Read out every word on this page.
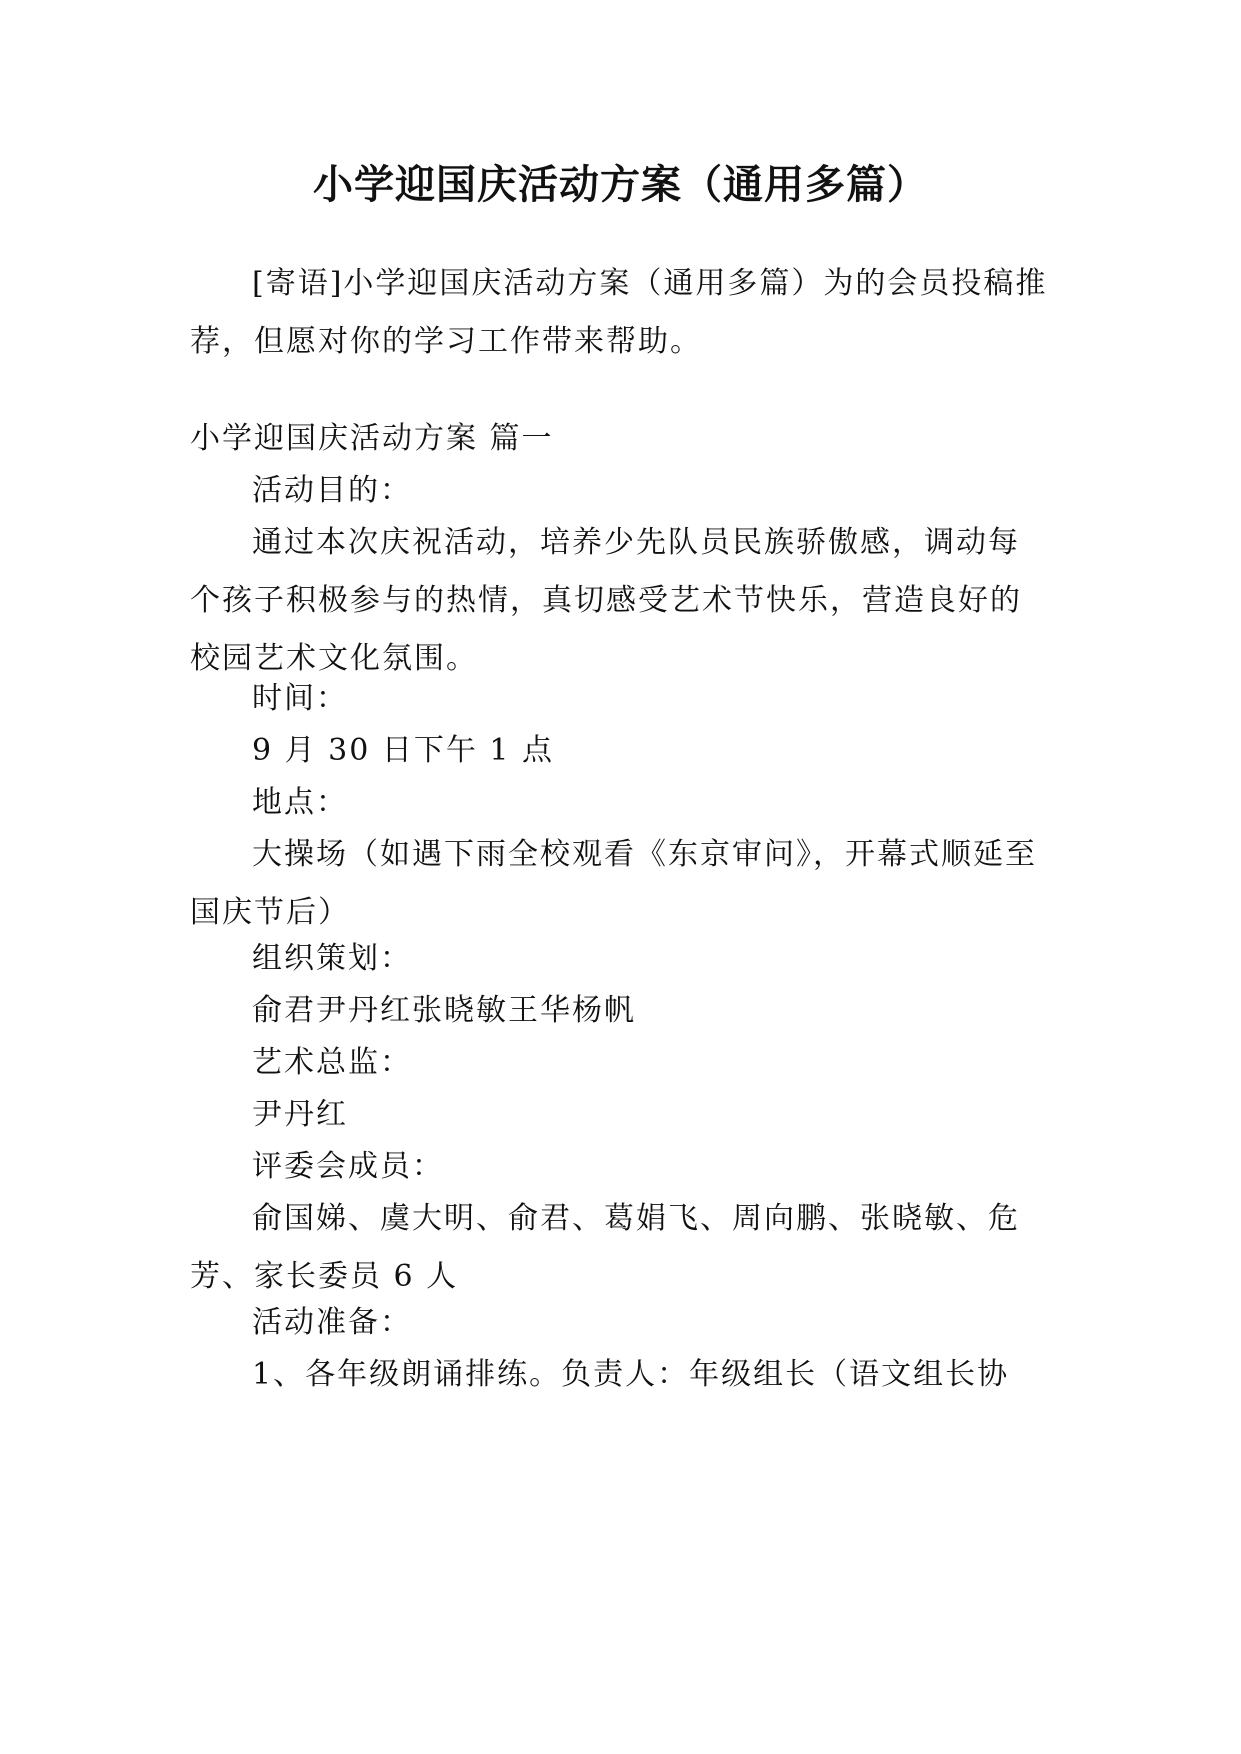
小学迎国庆活动方案（通用多篇）
[寄语]小学迎国庆活动方案（通用多篇）为的会员投稿推荐，但愿对你的学习工作带来帮助。
小学迎国庆活动方案 篇一
活动目的：
通过本次庆祝活动，培养少先队员民族骄傲感，调动每个孩子积极参与的热情，真切感受艺术节快乐，营造良好的校园艺术文化氛围。
时间：
9 月 30 日下午 1 点
地点：
大操场（如遇下雨全校观看《东京审问》，开幕式顺延至国庆节后）
组织策划：
俞君尹丹红张晓敏王华杨帆
艺术总监：
尹丹红
评委会成员：
俞国娣、虞大明、俞君、葛娟飞、周向鹏、张晓敏、危芳、家长委员 6 人
活动准备：
1、各年级朗诵排练。负责人：年级组长（语文组长协
